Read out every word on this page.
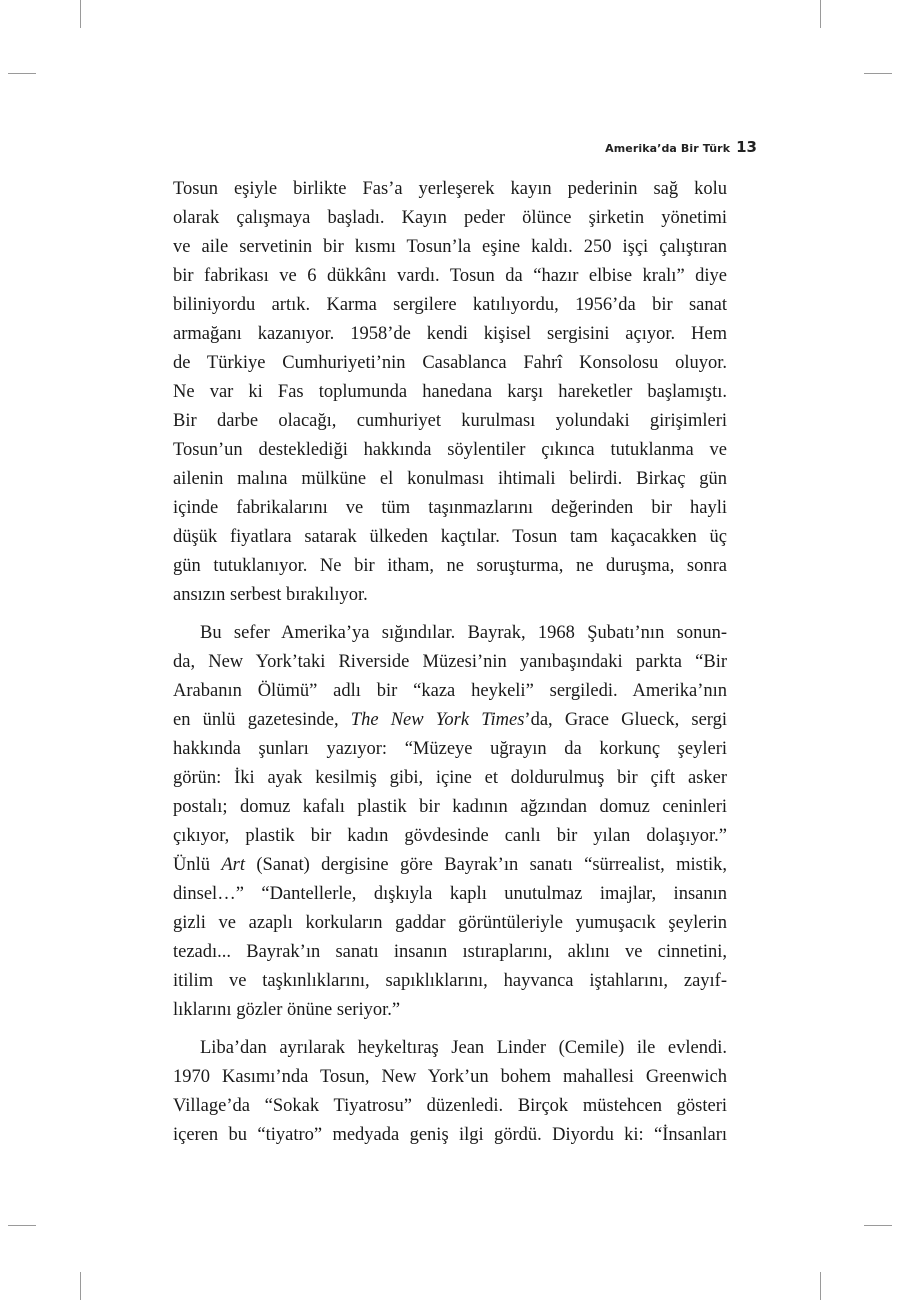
Amerika’da Bir Türk 13

Tosun eşiyle birlikte Fas’a yerleşerek kayın pederinin sağ kolu
olarak çalışmaya başladı. Kayın peder ölünce şirketin yönetimi
ve aile servetinin bir kısmı Tosun’la eşine kaldı. 250 işçi çalıştıran
bir fabrikası ve 6 dükkânı vardı. Tosun da “hazır elbise kralı” diye
biliniyordu artık. Karma sergilere katılıyordu, 1956’da bir sanat
armağanı kazanıyor. 1958’de kendi kişisel sergisini açıyor. Hem
de Türkiye Cumhuriyeti’nin Casablanca Fahrî Konsolosu oluyor.
Ne var ki Fas toplumunda hanedana karşı hareketler başlamıştı.
Bir darbe olacağı, cumhuriyet kurulması yolundaki girişimleri
Tosun’un desteklediği hakkında söylentiler çıkınca tutuklanma ve
ailenin malına mülküne el konulması ihtimali belirdi. Birkaç gün
içinde fabrikalarını ve tüm taşınmazlarını değerinden bir hayli
düşük fiyatlara satarak ülkeden kaçtılar. Tosun tam kaçacakken üç
gün tutuklanıyor. Ne bir itham, ne soruşturma, ne duruşma, sonra
ansızın serbest bırakılıyor.

Bu sefer Amerika’ya sığındılar. Bayrak, 1968 Şubatı’nın sonun-
da, New York’taki Riverside Müzesi’nin yanıbaşındaki parkta “Bir
Arabanın Ölümü” adlı bir “kaza heykeli” sergiledi. Amerika’nın
en ünlü gazetesinde, The New York Times’da, Grace Glueck, sergi
hakkında şunları yazıyor: “Müzeye uğrayın da korkunç şeyleri
görün: İki ayak kesilmiş gibi, içine et doldurulmuş bir çift asker
postalı; domuz kafalı plastik bir kadının ağzından domuz ceninleri
çıkıyor, plastik bir kadın gövdesinde canlı bir yılan dolaşıyor.”
Ünlü Art (Sanat) dergisine göre Bayrak’ın sanatı “sürrealist, mistik,
dinsel…” “Dantellerle, dışkıyla kaplı unutulmaz imajlar, insanın
gizli ve azaplı korkuların gaddar görüntüleriyle yumuşacık şeylerin
tezadı... Bayrak’ın sanatı insanın ıstıraplarını, aklını ve cinnetini,
itilim ve taşkınlıklarını, sapıklıklarını, hayvanca iştahlarını, zayıf-
lıklarını gözler önüne seriyor.”

Liba’dan ayrılarak heykeltıraş Jean Linder (Cemile) ile evlendi.
1970 Kasımı’nda Tosun, New York’un bohem mahallesi Greenwich
Village’da “Sokak Tiyatrosu” düzenledi. Birçok müstehcen gösteri
içeren bu “tiyatro” medyada geniş ilgi gördü. Diyordu ki: “İnsanları
